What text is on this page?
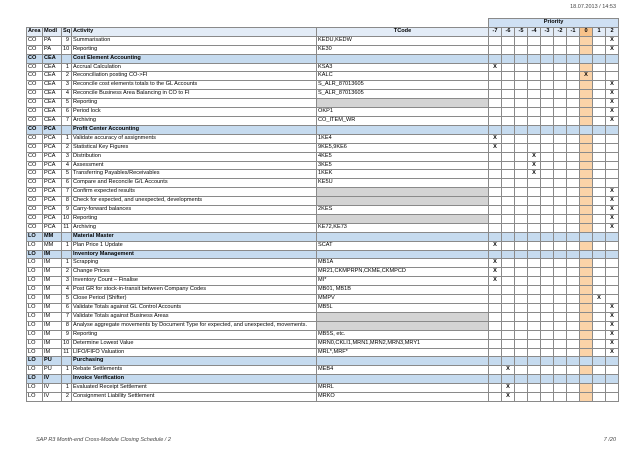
18.07.2013 / 14:53
					Priority									
Area	Modl	Sq	Activity	TCode	-7	-6	-5	-4	-3	-2	-1	0	1	2
CO	PA	9	Summarisation	KEDU,KEDW										X
CO	PA	10	Reporting	KE30										X
CO	CEA		Cost Element Accounting											
CO	CEA	1	Accrual Calculation	KSA3	X									
CO	CEA	2	Reconciliation posting CO->FI	KALC								X		
CO	CEA	3	Reconcile cost elements totals to the GL Accounts	S_ALR_87013605										X
CO	CEA	4	Reconcile Business Area Balancing in CO to FI	S_ALR_87013605										X
CO	CEA	5	Reporting											X
CO	CEA	6	Period lock	OKP1										X
CO	CEA	7	Archiving	CO_ITEM_WR										X
CO	PCA		Profit Center Accounting											
CO	PCA	1	Validate accuracy of assignments	1KE4	X									
CO	PCA	2	Statistical Key Figures	9KE5,9KE6	X									
CO	PCA	3	Distribution	4KE5				X						
CO	PCA	4	Assessment	3KE5				X						
CO	PCA	5	Transferring Payables/Receivables	1KEK				X						
CO	PCA	6	Compare and Reconcile G/L Accounts	KE5U										
CO	PCA	7	Confirm expected results											X
CO	PCA	8	Check for expected, and unexpected, developments											X
CO	PCA	9	Carry-forward balances	2KES										X
CO	PCA	10	Reporting											X
CO	PCA	11	Archiving	KE72,KE73										X
LO	MM		Material Master											
LO	MM	1	Plan Price 1 Update	SCAT	X									
LO	IM		Inventory Management											
LO	IM	1	Scrapping	MB1A	X									
LO	IM	2	Change Prices	MR21,CKMPRPN,CKME,CKMPCD	X									
LO	IM	3	Inventory Count – Finalise	MI*	X									
LO	IM	4	Post GR for stock-in-transit between Company Codes	MB01, MB1B										
LO	IM	5	Close Period (Shifter)	MMPV									X	
LO	IM	6	Validate Totals against GL Control Accounts	MB5L										X
LO	IM	7	Validate Totals against Business Areas											X
LO	IM	8	Analyse aggregate movements by Document Type for expected, and unexpected, movements.											X
LO	IM	9	Reporting	MB5S, etc.										X
LO	IM	10	Determine Lowest Value	MRN0,CKLI1,MRN1,MRN2,MRN3,MRY1										X
LO	IM	11	LIFO/FIFO Valuation	MRL*,MRF*										X
LO	PU		Purchasing											
LO	PU	1	Rebate Settlements	MEB4		X								
LO	IV		Invoice Verification											
LO	IV	1	Evaluated Receipt Settlement	MRRL		X								
LO	IV	2	Consignment Liability Settlement	MRKO		X								
SAP R3 Month-end Cross-Module Closing Schedule / 2	7 /20
